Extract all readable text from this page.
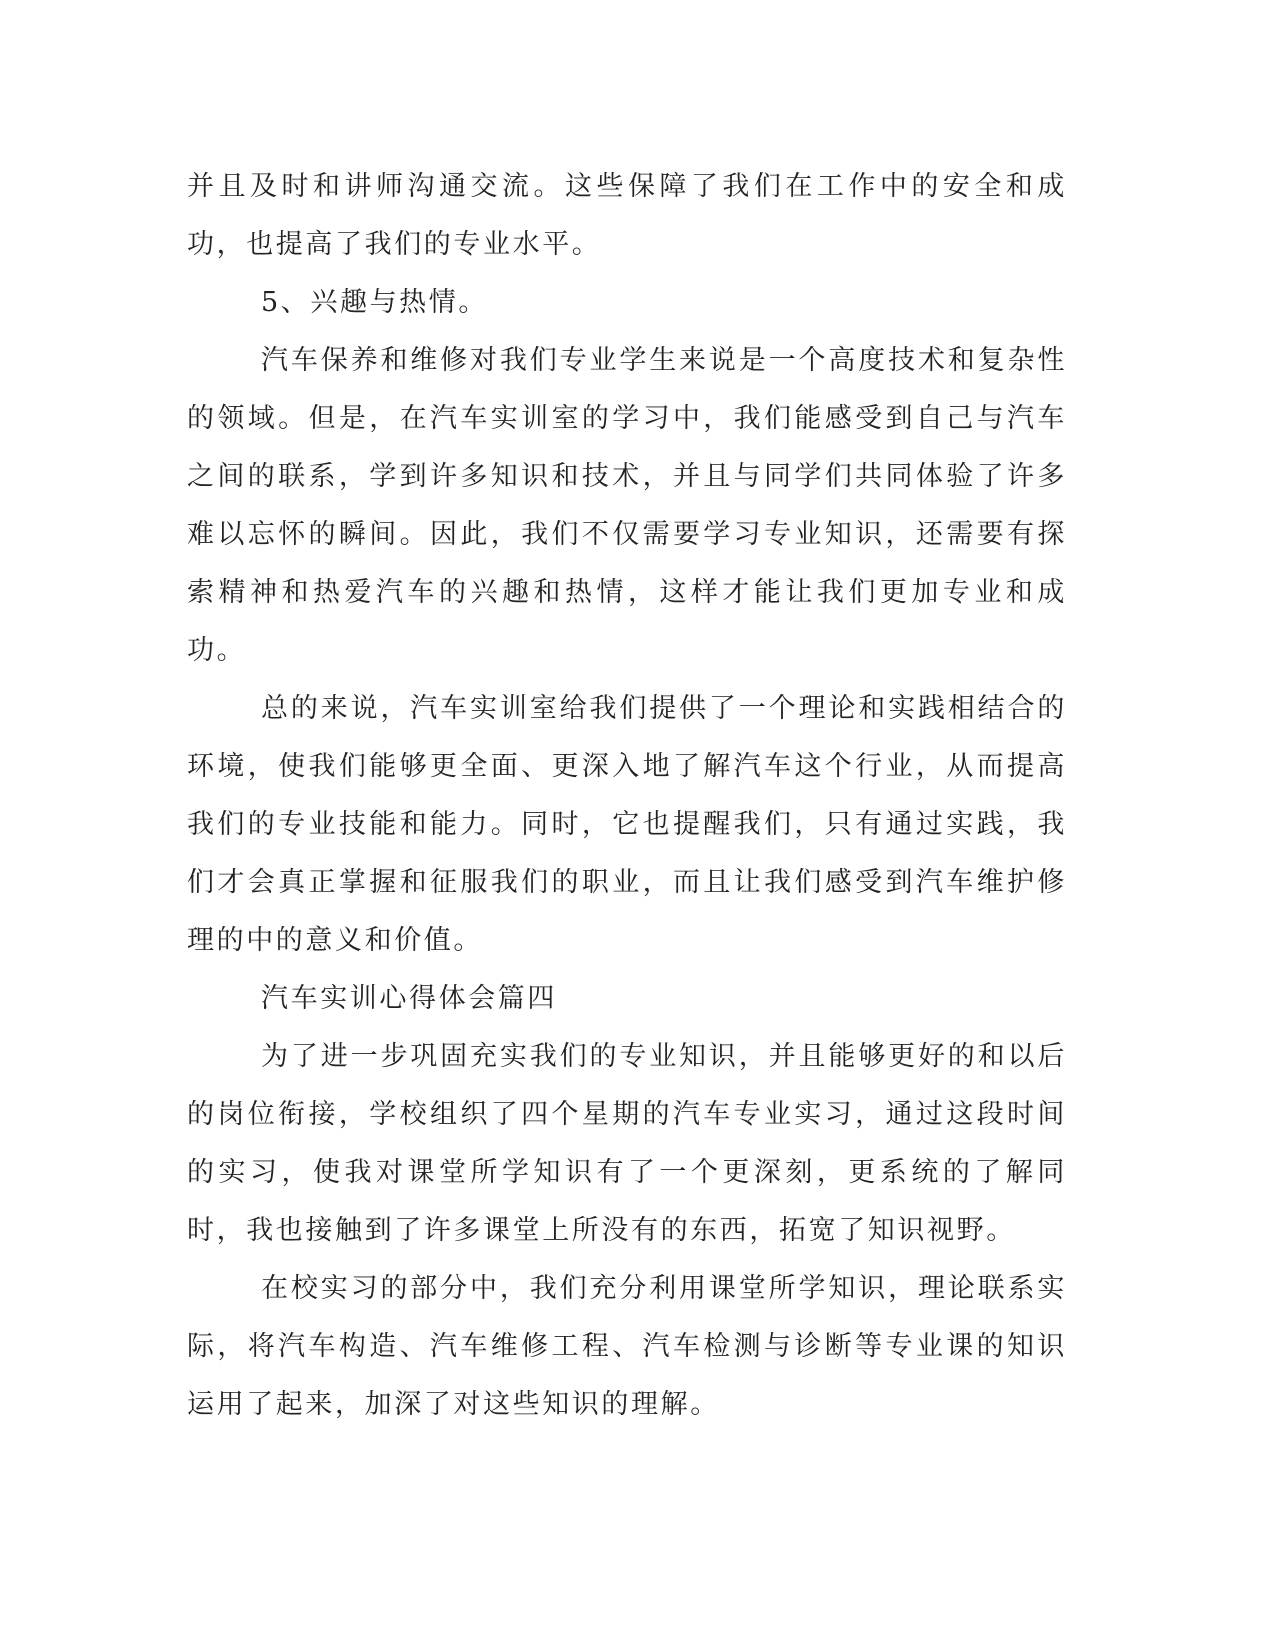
并且及时和讲师沟通交流。这些保障了我们在工作中的安全和成功，也提高了我们的专业水平。

5、兴趣与热情。

汽车保养和维修对我们专业学生来说是一个高度技术和复杂性的领域。但是，在汽车实训室的学习中，我们能感受到自己与汽车之间的联系，学到许多知识和技术，并且与同学们共同体验了许多难以忘怀的瞬间。因此，我们不仅需要学习专业知识，还需要有探索精神和热爱汽车的兴趣和热情，这样才能让我们更加专业和成功。

总的来说，汽车实训室给我们提供了一个理论和实践相结合的环境，使我们能够更全面、更深入地了解汽车这个行业，从而提高我们的专业技能和能力。同时，它也提醒我们，只有通过实践，我们才会真正掌握和征服我们的职业，而且让我们感受到汽车维护修理的中的意义和价值。

汽车实训心得体会篇四

为了进一步巩固充实我们的专业知识，并且能够更好的和以后的岗位衔接，学校组织了四个星期的汽车专业实习，通过这段时间的实习，使我对课堂所学知识有了一个更深刻，更系统的了解同时，我也接触到了许多课堂上所没有的东西，拓宽了知识视野。

在校实习的部分中，我们充分利用课堂所学知识，理论联系实际，将汽车构造、汽车维修工程、汽车检测与诊断等专业课的知识运用了起来，加深了对这些知识的理解。
